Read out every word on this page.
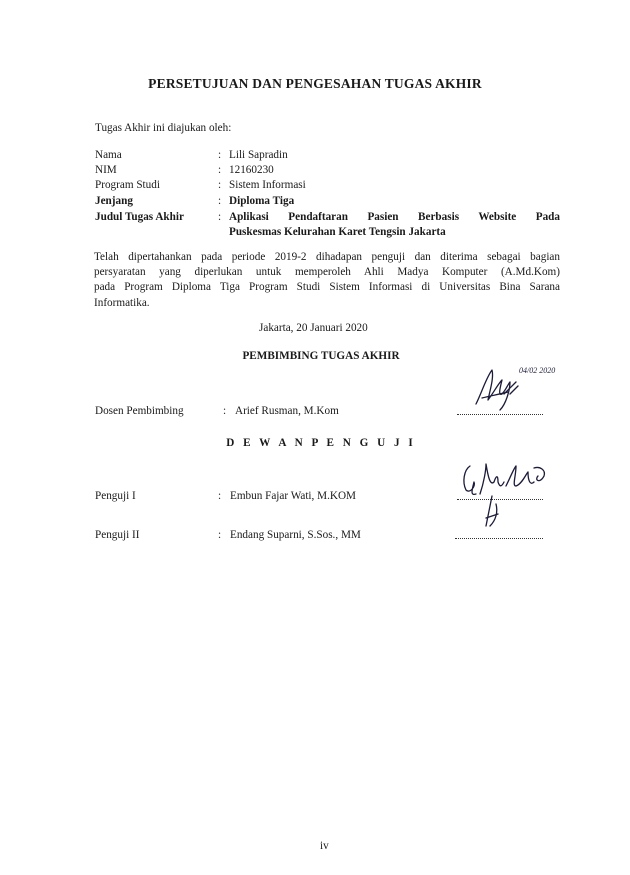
PERSETUJUAN DAN PENGESAHAN TUGAS AKHIR
Tugas Akhir ini diajukan oleh:
Nama	: Lili Sapradin
NIM	: 12160230
Program Studi	: Sistem Informasi
Jenjang	: Diploma Tiga
Judul Tugas Akhir	: Aplikasi Pendaftaran Pasien Berbasis Website Pada
Puskesmas Kelurahan Karet Tengsin Jakarta
Telah dipertahankan pada periode 2019-2 dihadapan penguji dan diterima sebagai bagian
persyaratan yang diperlukan untuk memperoleh Ahli Madya Komputer (A.Md.Kom)
pada Program Diploma Tiga Program Studi Sistem Informasi di Universitas Bina Sarana
Informatika.
Jakarta, 20 Januari 2020
PEMBIMBING TUGAS AKHIR
Dosen Pembimbing	: Arief Rusman, M.Kom
04/02 2020
D E W A N P E N G U J I
Penguji I	: Embun Fajar Wati, M.KOM
Penguji II	: Endang Suparni, S.Sos., MM
iv
